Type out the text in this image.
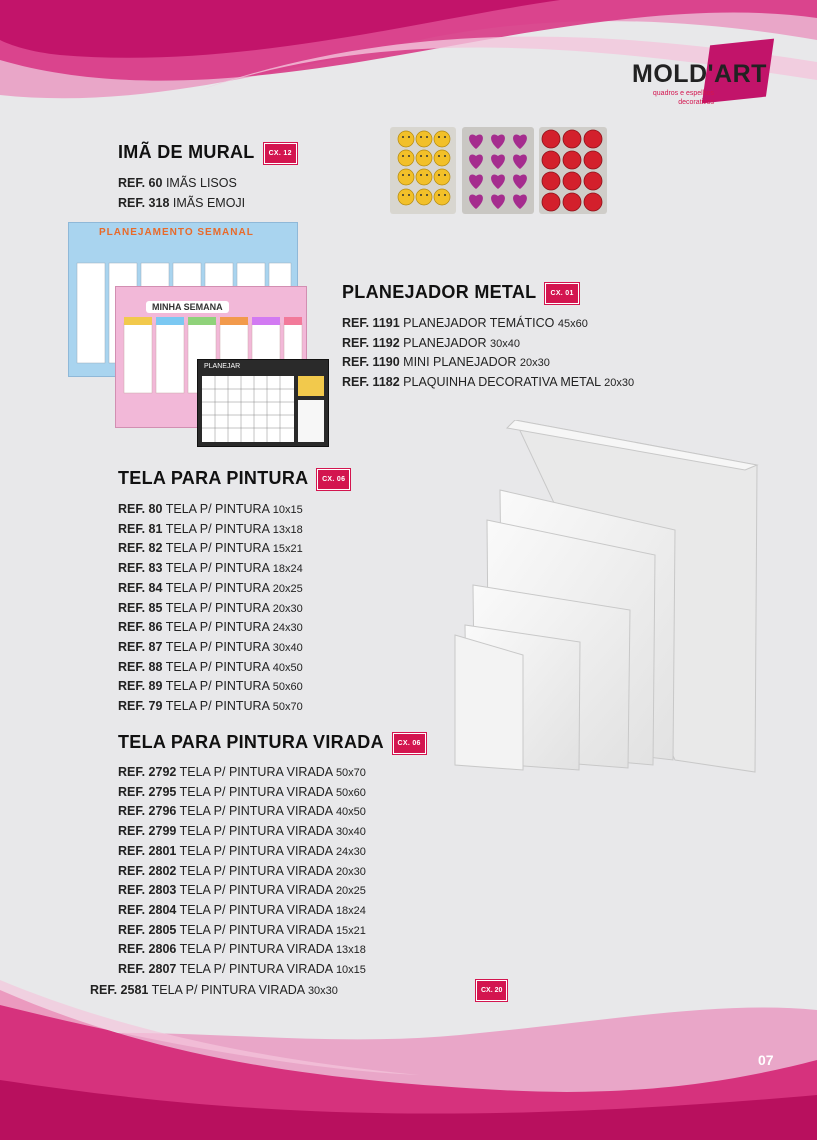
MOLD'ART
quadros e espelhos
decorativos
IMÃ DE MURAL CX. 12
REF. 60 IMÃS LISOS
REF. 318 IMÃS EMOJI
PLANEJAMENTO SEMANAL
MINHA SEMANA
PLANEJAR
PLANEJADOR METAL CX. 01
REF. 1191 PLANEJADOR TEMÁTICO 45x60
REF. 1192 PLANEJADOR 30x40
REF. 1190 MINI PLANEJADOR 20x30
REF. 1182 PLAQUINHA DECORATIVA METAL 20x30
TELA PARA PINTURA CX. 06
REF. 80 TELA P/ PINTURA 10x15
REF. 81 TELA P/ PINTURA 13x18
REF. 82 TELA P/ PINTURA 15x21
REF. 83 TELA P/ PINTURA 18x24
REF. 84 TELA P/ PINTURA 20x25
REF. 85 TELA P/ PINTURA 20x30
REF. 86 TELA P/ PINTURA 24x30
REF. 87 TELA P/ PINTURA 30x40
REF. 88 TELA P/ PINTURA 40x50
REF. 89 TELA P/ PINTURA 50x60
REF. 79 TELA P/ PINTURA 50x70
TELA PARA PINTURA VIRADA CX. 06
REF. 2792 TELA P/ PINTURA VIRADA 50x70
REF. 2795 TELA P/ PINTURA VIRADA 50x60
REF. 2796 TELA P/ PINTURA VIRADA 40x50
REF. 2799 TELA P/ PINTURA VIRADA 30x40
REF. 2801 TELA P/ PINTURA VIRADA 24x30
REF. 2802 TELA P/ PINTURA VIRADA 20x30
REF. 2803 TELA P/ PINTURA VIRADA 20x25
REF. 2804 TELA P/ PINTURA VIRADA 18x24
REF. 2805 TELA P/ PINTURA VIRADA 15x21
REF. 2806 TELA P/ PINTURA VIRADA 13x18
REF. 2807 TELA P/ PINTURA VIRADA 10x15
REF. 2581 TELA P/ PINTURA VIRADA 30x30	CX. 20
07
